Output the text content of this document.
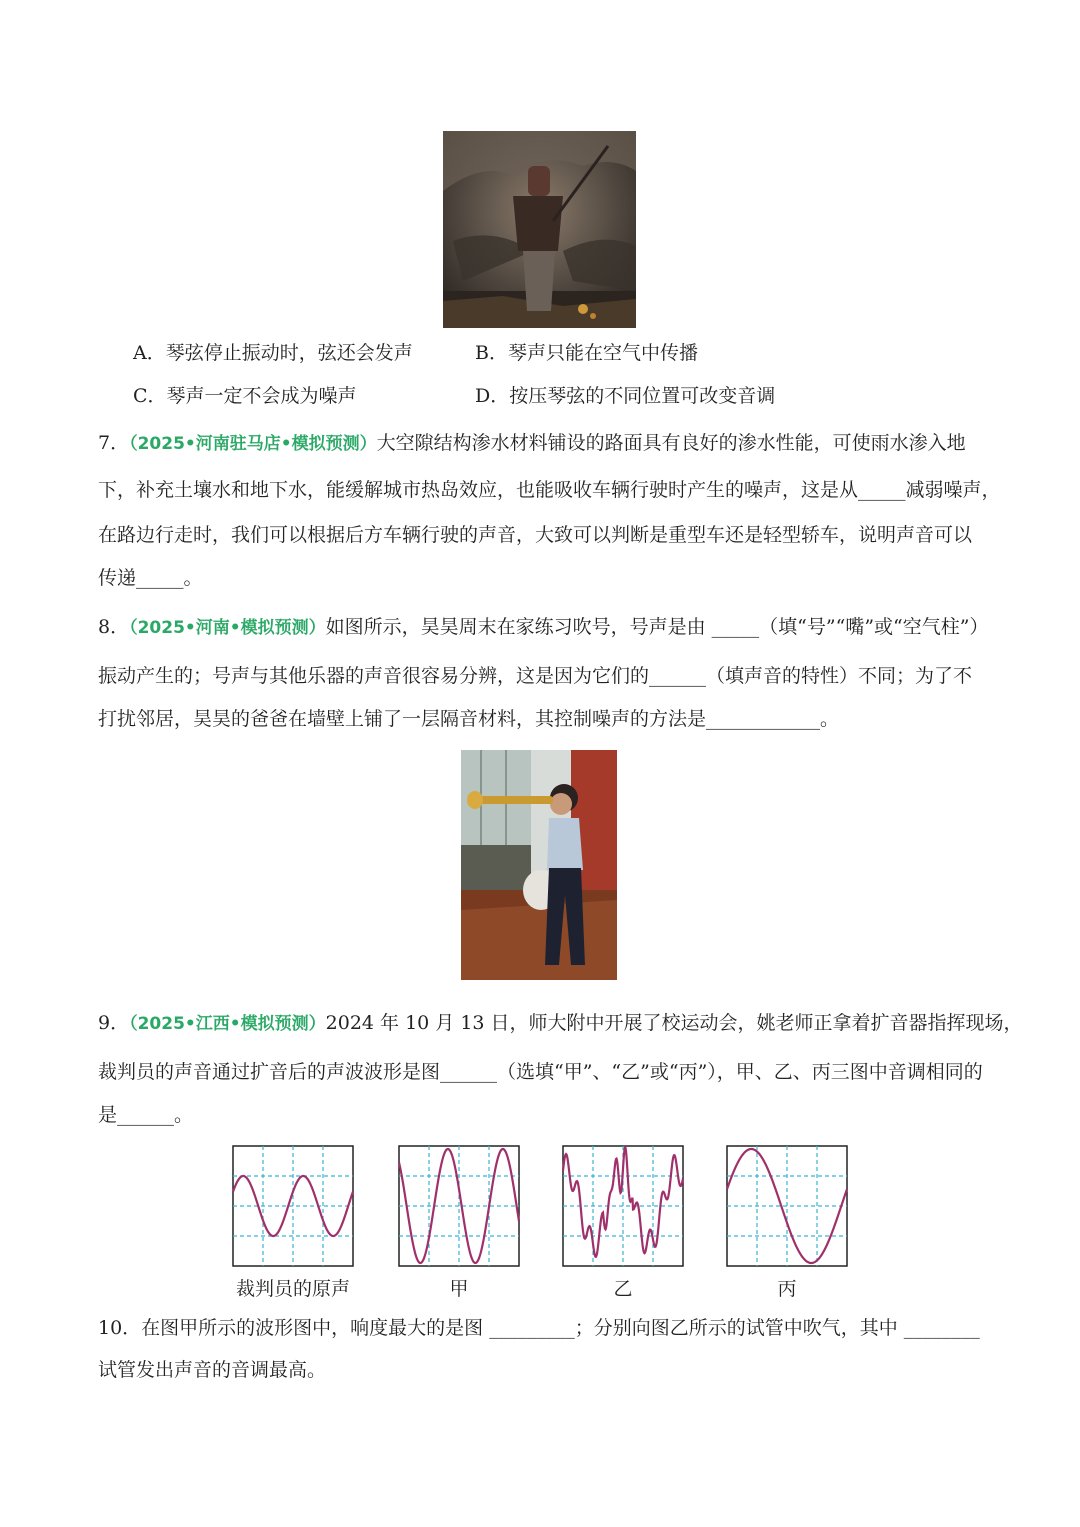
A．琴弦停止振动时，弦还会发声	B．琴声只能在空气中传播
C．琴声一定不会成为噪声	D．按压琴弦的不同位置可改变音调
7．（2025•河南驻马店•模拟预测）大空隙结构渗水材料铺设的路面具有良好的渗水性能，可使雨水渗入地
下，补充土壤水和地下水，能缓解城市热岛效应，也能吸收车辆行驶时产生的噪声，这是从_____减弱噪声，
在路边行走时，我们可以根据后方车辆行驶的声音，大致可以判断是重型车还是轻型轿车，说明声音可以
传递_____。
8．（2025•河南•模拟预测）如图所示，昊昊周末在家练习吹号，号声是由 _____（填“号”“嘴”或“空气柱”）
振动产生的；号声与其他乐器的声音很容易分辨，这是因为它们的______（填声音的特性）不同；为了不
打扰邻居，昊昊的爸爸在墙壁上铺了一层隔音材料，其控制噪声的方法是____________。
9．（2025•江西•模拟预测）2024 年 10 月 13 日，师大附中开展了校运动会，姚老师正拿着扩音器指挥现场，
裁判员的声音通过扩音后的声波波形是图______（选填“甲”、“乙”或“丙”），甲、乙、丙三图中音调相同的
是______。
裁判员的原声	甲	乙	丙
10．在图甲所示的波形图中，响度最大的是图 _________；分别向图乙所示的试管中吹气，其中 ________
试管发出声音的音调最高。
